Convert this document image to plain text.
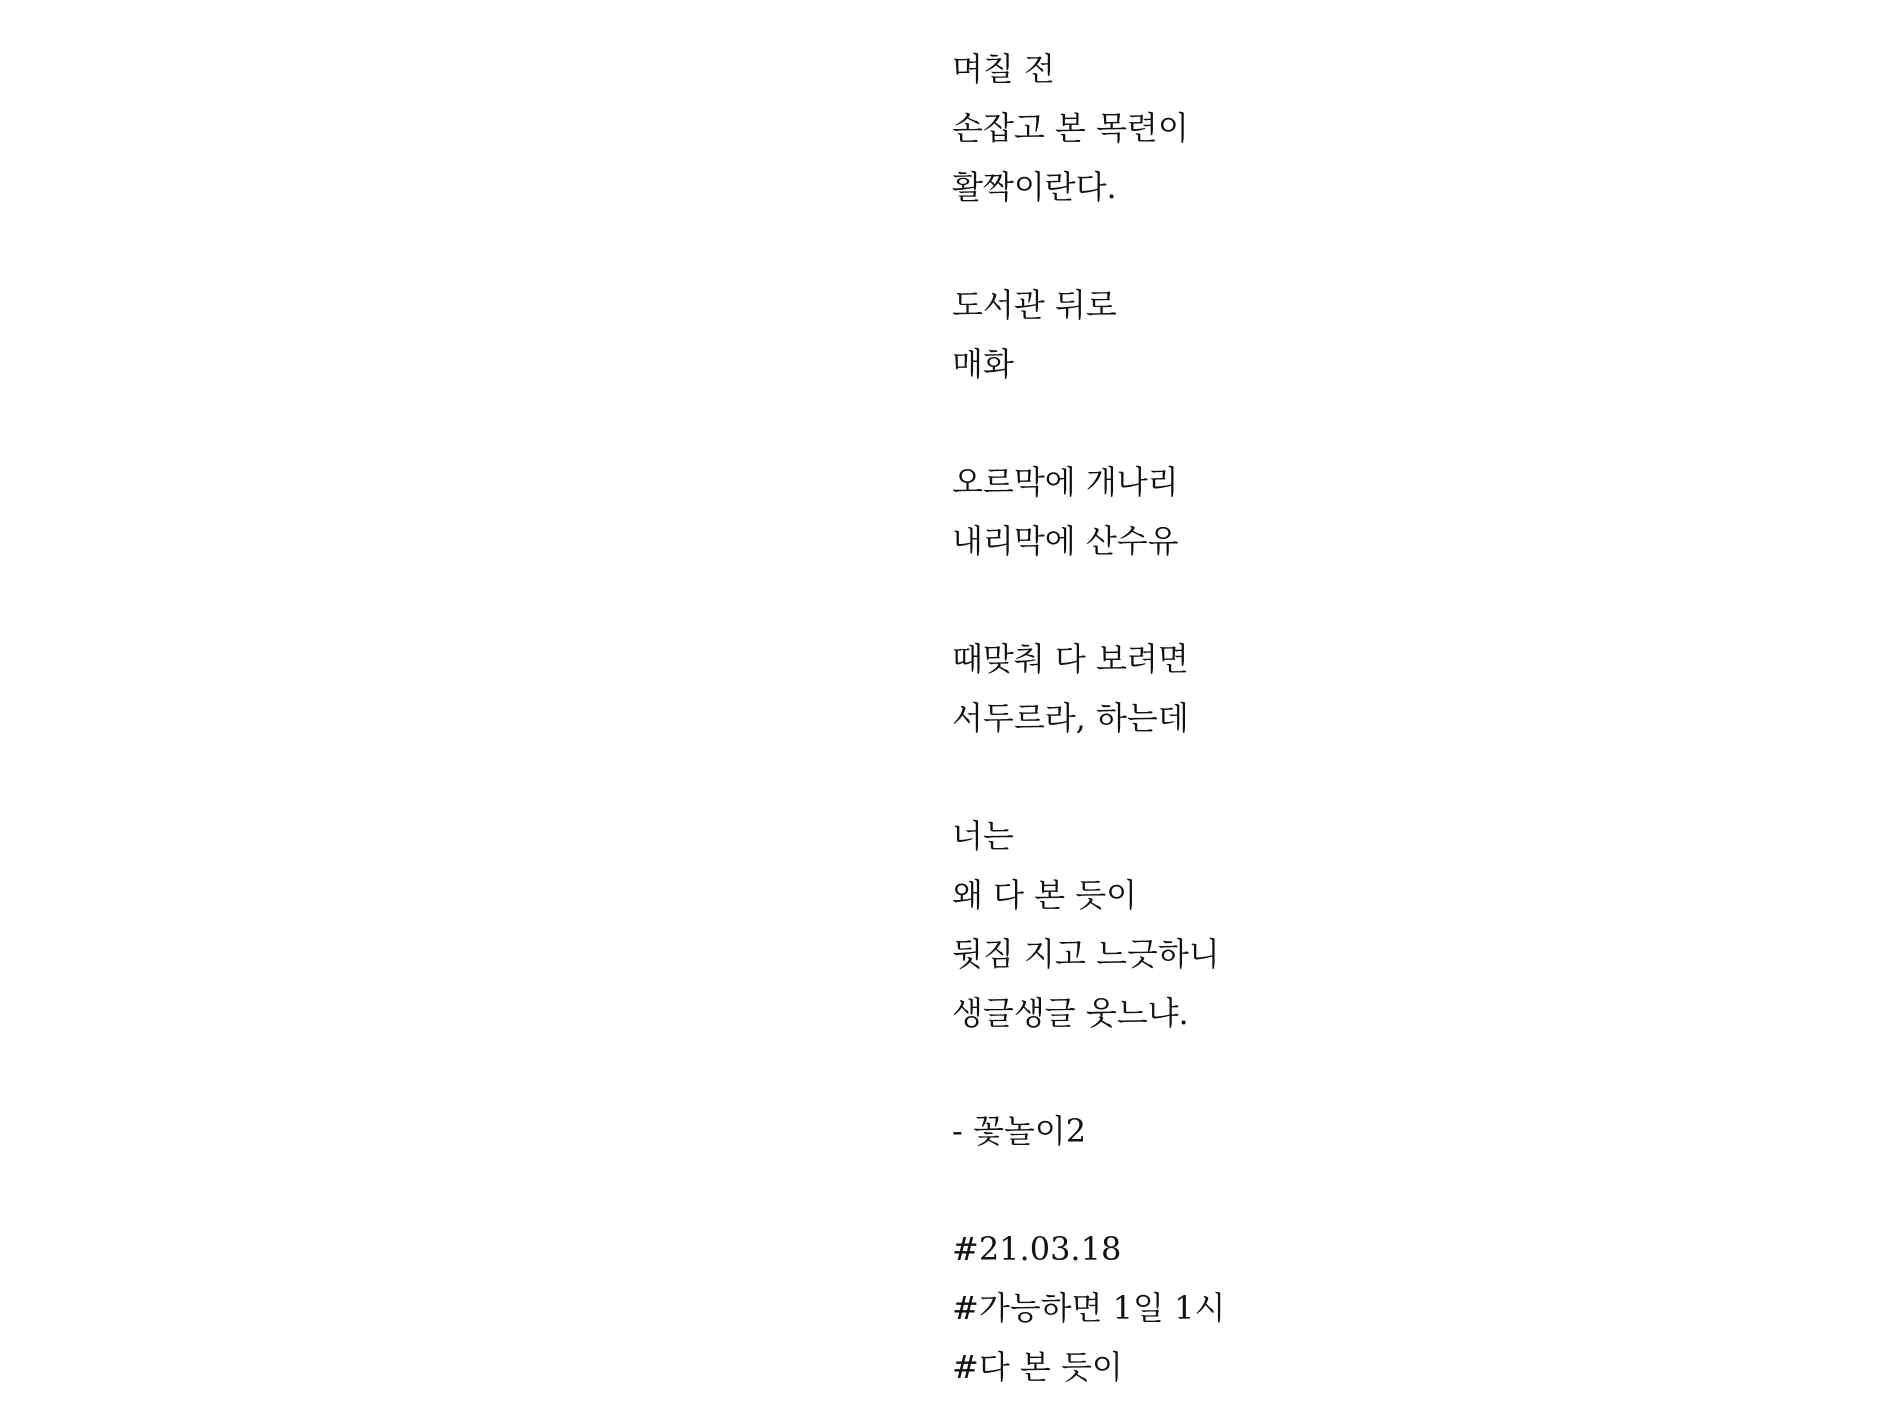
며칠 전
손잡고 본 목련이
활짝이란다.
도서관 뒤로
매화
오르막에 개나리
내리막에 산수유
때맞춰 다 보려면
서두르라, 하는데
너는
왜 다 본 듯이
뒷짐 지고 느긋하니
생글생글 웃느냐.
- 꽃놀이2
#21.03.18
#가능하면 1일 1시
#다 본 듯이
